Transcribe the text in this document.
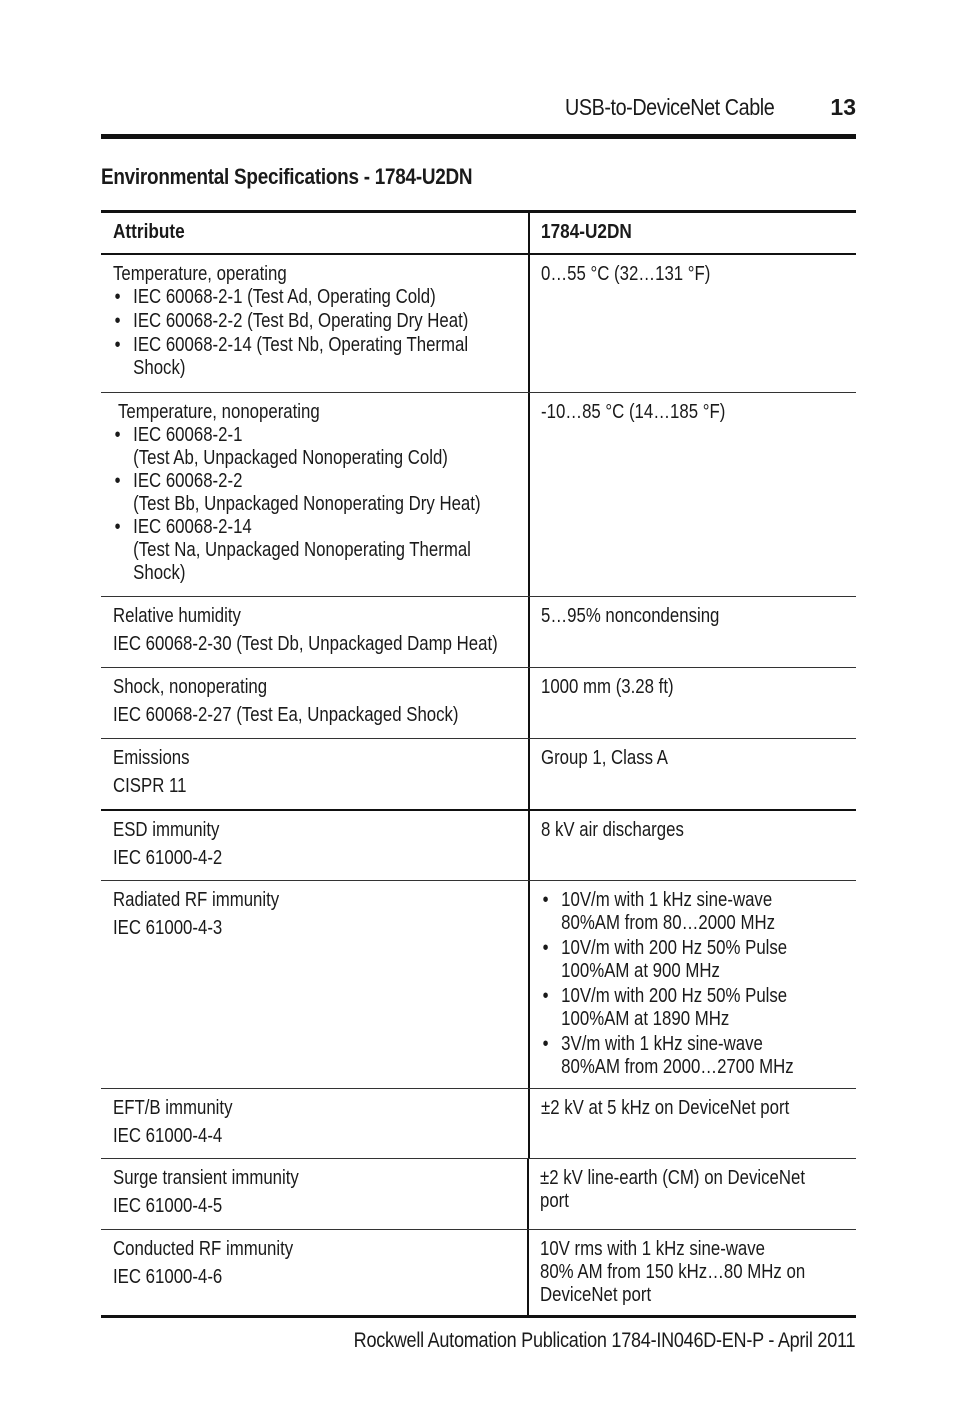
USB-to-DeviceNet Cable 13
Environmental Specifications - 1784-U2DN
Attribute	1784-U2DN
Temperature, operating
• IEC 60068-2-1 (Test Ad, Operating Cold)
• IEC 60068-2-2 (Test Bd, Operating Dry Heat)
• IEC 60068-2-14 (Test Nb, Operating Thermal
Shock)
0…55 °C (32…131 °F)
Temperature, nonoperating
• IEC 60068-2-1
(Test Ab, Unpackaged Nonoperating Cold)
• IEC 60068-2-2
(Test Bb, Unpackaged Nonoperating Dry Heat)
• IEC 60068-2-14
(Test Na, Unpackaged Nonoperating Thermal
Shock)
-10…85 °C (14…185 °F)
Relative humidity
IEC 60068-2-30 (Test Db, Unpackaged Damp Heat)
5…95% noncondensing
Shock, nonoperating
IEC 60068-2-27 (Test Ea, Unpackaged Shock)
1000 mm (3.28 ft)
Emissions
CISPR 11
Group 1, Class A
ESD immunity
IEC 61000-4-2
8 kV air discharges
Radiated RF immunity
IEC 61000-4-3
• 10V/m with 1 kHz sine-wave
80%AM from 80…2000 MHz
• 10V/m with 200 Hz 50% Pulse
100%AM at 900 MHz
• 10V/m with 200 Hz 50% Pulse
100%AM at 1890 MHz
• 3V/m with 1 kHz sine-wave
80%AM from 2000…2700 MHz
EFT/B immunity
IEC 61000-4-4
±2 kV at 5 kHz on DeviceNet port
Surge transient immunity
IEC 61000-4-5
±2 kV line-earth (CM) on DeviceNet
port
Conducted RF immunity
IEC 61000-4-6
10V rms with 1 kHz sine-wave
80% AM from 150 kHz…80 MHz on
DeviceNet port
Rockwell Automation Publication 1784-IN046D-EN-P - April 2011
